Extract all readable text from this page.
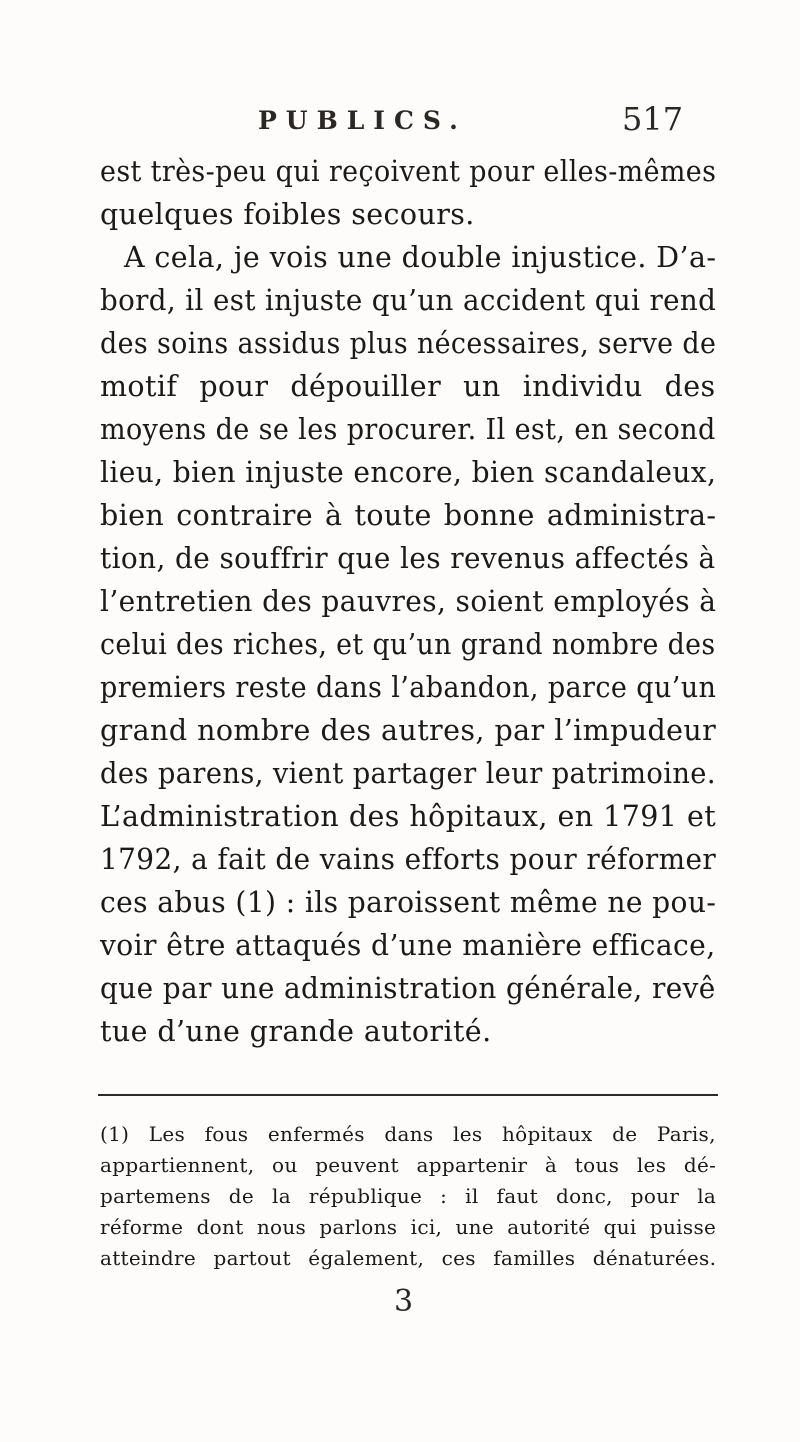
PUBLICS.	517
est très-peu qui reçoivent pour elles-mêmes
quelques foibles secours.
A cela, je vois une double injustice. D’a-
bord, il est injuste qu’un accident qui rend
des soins assidus plus nécessaires, serve de
motif pour dépouiller un individu des
moyens de se les procurer. Il est, en second
lieu, bien injuste encore, bien scandaleux,
bien contraire à toute bonne administra-
tion, de souffrir que les revenus affectés à
l’entretien des pauvres, soient employés à
celui des riches, et qu’un grand nombre des
premiers reste dans l’abandon, parce qu’un
grand nombre des autres, par l’impudeur
des parens, vient partager leur patrimoine.
L’administration des hôpitaux, en 1791 et
1792, a fait de vains efforts pour réformer
ces abus (1) : ils paroissent même ne pou-
voir être attaqués d’une manière efficace,
que par une administration générale, revê
tue d’une grande autorité.
(1) Les fous enfermés dans les hôpitaux de Paris,
appartiennent, ou peuvent appartenir à tous les dé-
partemens de la république : il faut donc, pour la
réforme dont nous parlons ici, une autorité qui puisse
atteindre partout également, ces familles dénaturées.
3
